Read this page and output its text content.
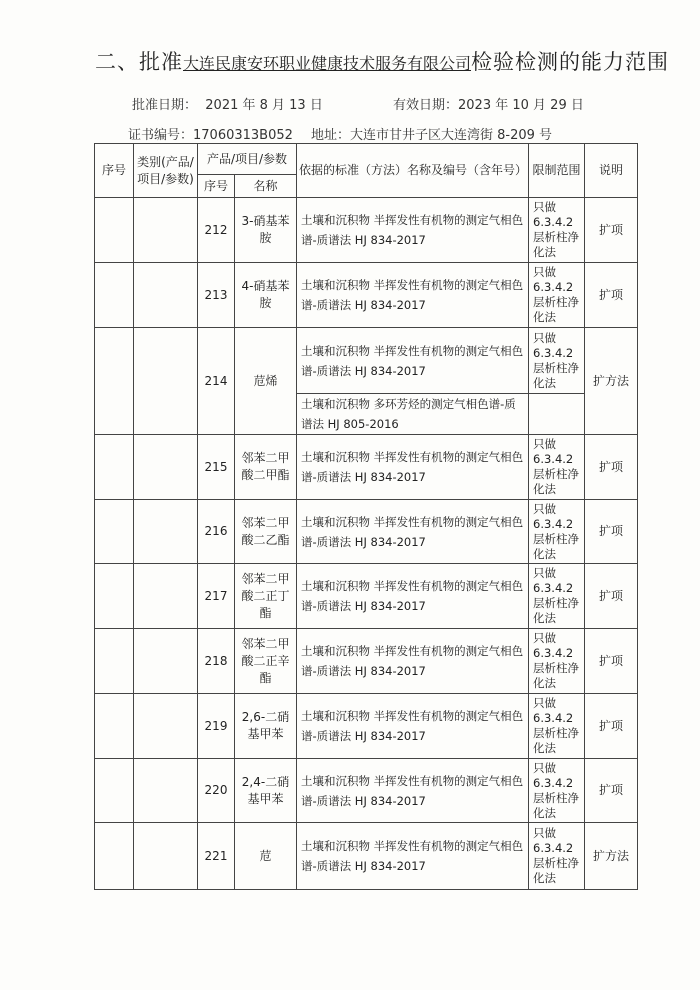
二、批准大连民康安环职业健康技术服务有限公司检验检测的能力范围
批准日期： 2021 年 8 月 13 日	有效日期：2023 年 10 月 29 日
证书编号：17060313B052 地址：大连市甘井子区大连湾街 8-209 号
序号	类别(产品/项目/参数)	产品/项目/参数		依据的标准（方法）名称及编号（含年号）	限制范围	说明
		序号	名称			
		212	3-硝基苯胺	土壤和沉积物 半挥发性有机物的测定气相色谱-质谱法 HJ 834-2017	只做6.3.4.2层析柱净化法	扩项
		213	4-硝基苯胺	土壤和沉积物 半挥发性有机物的测定气相色谱-质谱法 HJ 834-2017	只做6.3.4.2层析柱净化法	扩项
		214	苊烯	土壤和沉积物 半挥发性有机物的测定气相色谱-质谱法 HJ 834-2017	只做6.3.4.2层析柱净化法	扩方法
				土壤和沉积物 多环芳烃的测定气相色谱-质谱法 HJ 805-2016		
		215	邻苯二甲酸二甲酯	土壤和沉积物 半挥发性有机物的测定气相色谱-质谱法 HJ 834-2017	只做6.3.4.2层析柱净化法	扩项
		216	邻苯二甲酸二乙酯	土壤和沉积物 半挥发性有机物的测定气相色谱-质谱法 HJ 834-2017	只做6.3.4.2层析柱净化法	扩项
		217	邻苯二甲酸二正丁酯	土壤和沉积物 半挥发性有机物的测定气相色谱-质谱法 HJ 834-2017	只做6.3.4.2层析柱净化法	扩项
		218	邻苯二甲酸二正辛酯	土壤和沉积物 半挥发性有机物的测定气相色谱-质谱法 HJ 834-2017	只做6.3.4.2层析柱净化法	扩项
		219	2,6-二硝基甲苯	土壤和沉积物 半挥发性有机物的测定气相色谱-质谱法 HJ 834-2017	只做6.3.4.2层析柱净化法	扩项
		220	2,4-二硝基甲苯	土壤和沉积物 半挥发性有机物的测定气相色谱-质谱法 HJ 834-2017	只做6.3.4.2层析柱净化法	扩项
		221	苊	土壤和沉积物 半挥发性有机物的测定气相色谱-质谱法 HJ 834-2017	只做6.3.4.2层析柱净化法	扩方法
